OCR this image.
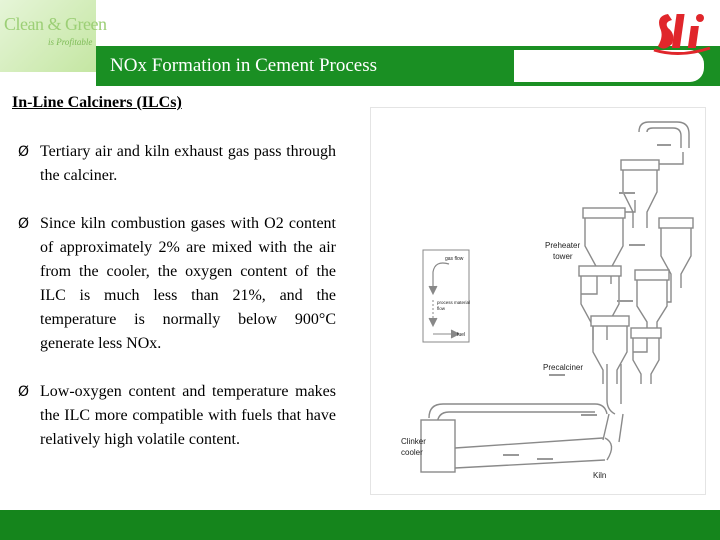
Clean & Green
is Profitable
NOx Formation in Cement Process
In-Line Calciners (ILCs)
Ø Tertiary air and kiln exhaust gas pass through the calciner.
Ø Since kiln combustion gases with O2 content of approximately 2% are mixed with the air from the cooler, the oxygen content of the ILC is much less than 21%, and the temperature is normally below 900°C generate less NOx.
Ø Low-oxygen content and temperature makes the ILC more compatible with fuels that have relatively high volatile content.
Preheater
tower
Precalciner
Clinker
cooler
Kiln
gas flow
process material
flow
fuel
